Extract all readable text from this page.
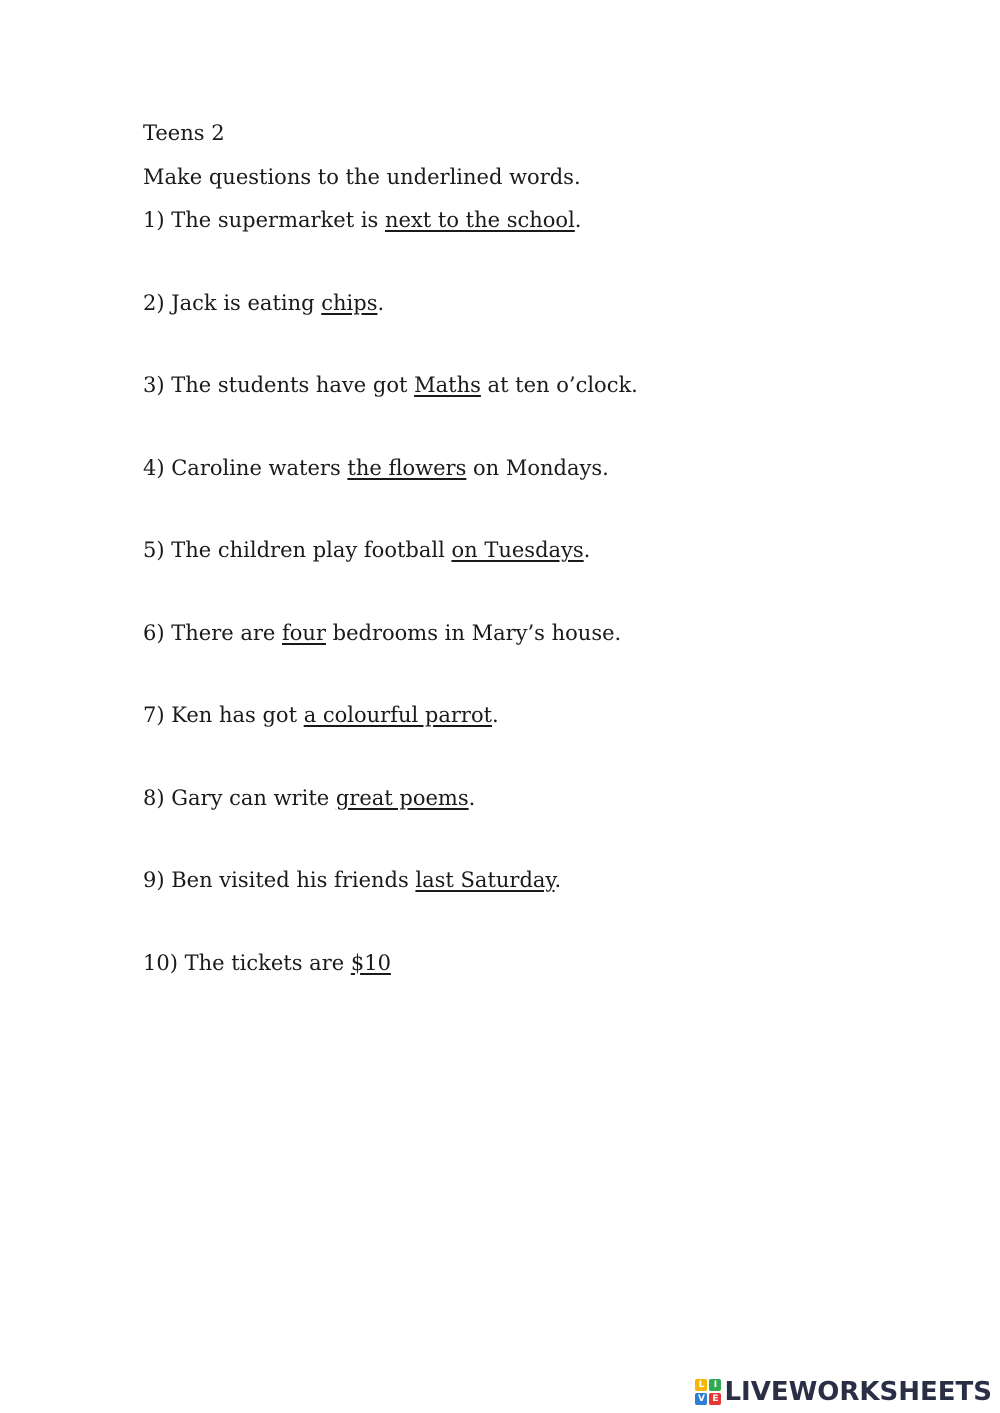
Teens 2
Make questions to the underlined words.
1) The supermarket is next to the school.
2) Jack is eating chips.
3) The students have got Maths at ten o’clock.
4) Caroline waters the flowers on Mondays.
5) The children play football on Tuesdays.
6) There are four bedrooms in Mary’s house.
7) Ken has got a colourful parrot.
8) Gary can write great poems.
9) Ben visited his friends last Saturday.
10) The tickets are $10
L	I
V E LIVEWORKSHEETS
